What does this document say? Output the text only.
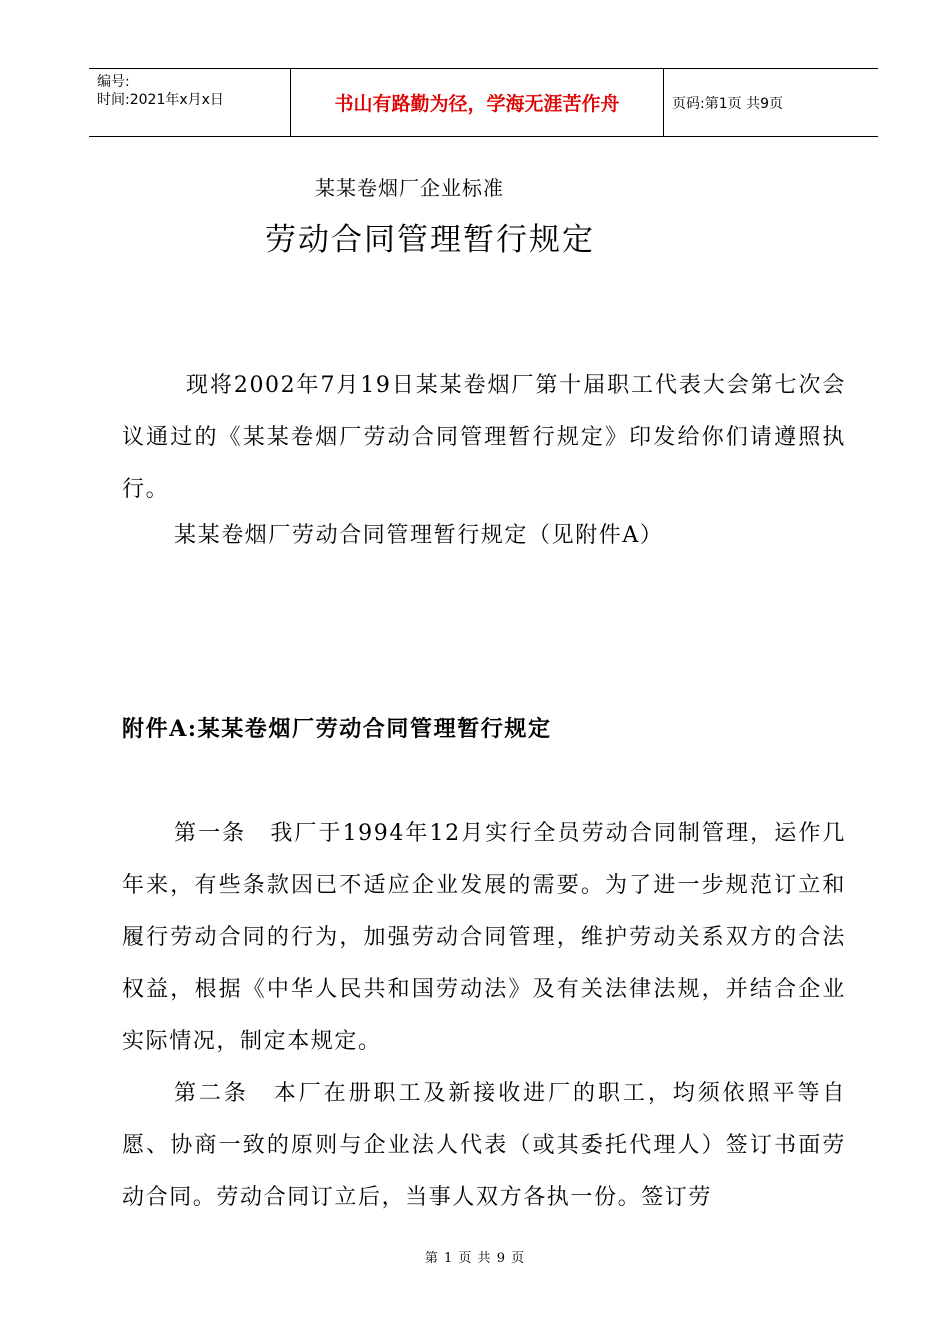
编号:
时间:2021年x月x日	书山有路勤为径，学海无涯苦作舟	页码:第1页 共9页
某某卷烟厂企业标准
劳动合同管理暂行规定

现将2002年7月19日某某卷烟厂第十届职工代表大会第七次会议通过的《某某卷烟厂劳动合同管理暂行规定》印发给你们请遵照执行。

某某卷烟厂劳动合同管理暂行规定（见附件A）

附件A:某某卷烟厂劳动合同管理暂行规定

第一条　我厂于1994年12月实行全员劳动合同制管理，运作几年来，有些条款因已不适应企业发展的需要。为了进一步规范订立和履行劳动合同的行为，加强劳动合同管理，维护劳动关系双方的合法权益，根据《中华人民共和国劳动法》及有关法律法规，并结合企业实际情况，制定本规定。

第二条　本厂在册职工及新接收进厂的职工，均须依照平等自愿、协商一致的原则与企业法人代表（或其委托代理人）签订书面劳动合同。劳动合同订立后，当事人双方各执一份。签订劳

第 1 页 共 9 页
